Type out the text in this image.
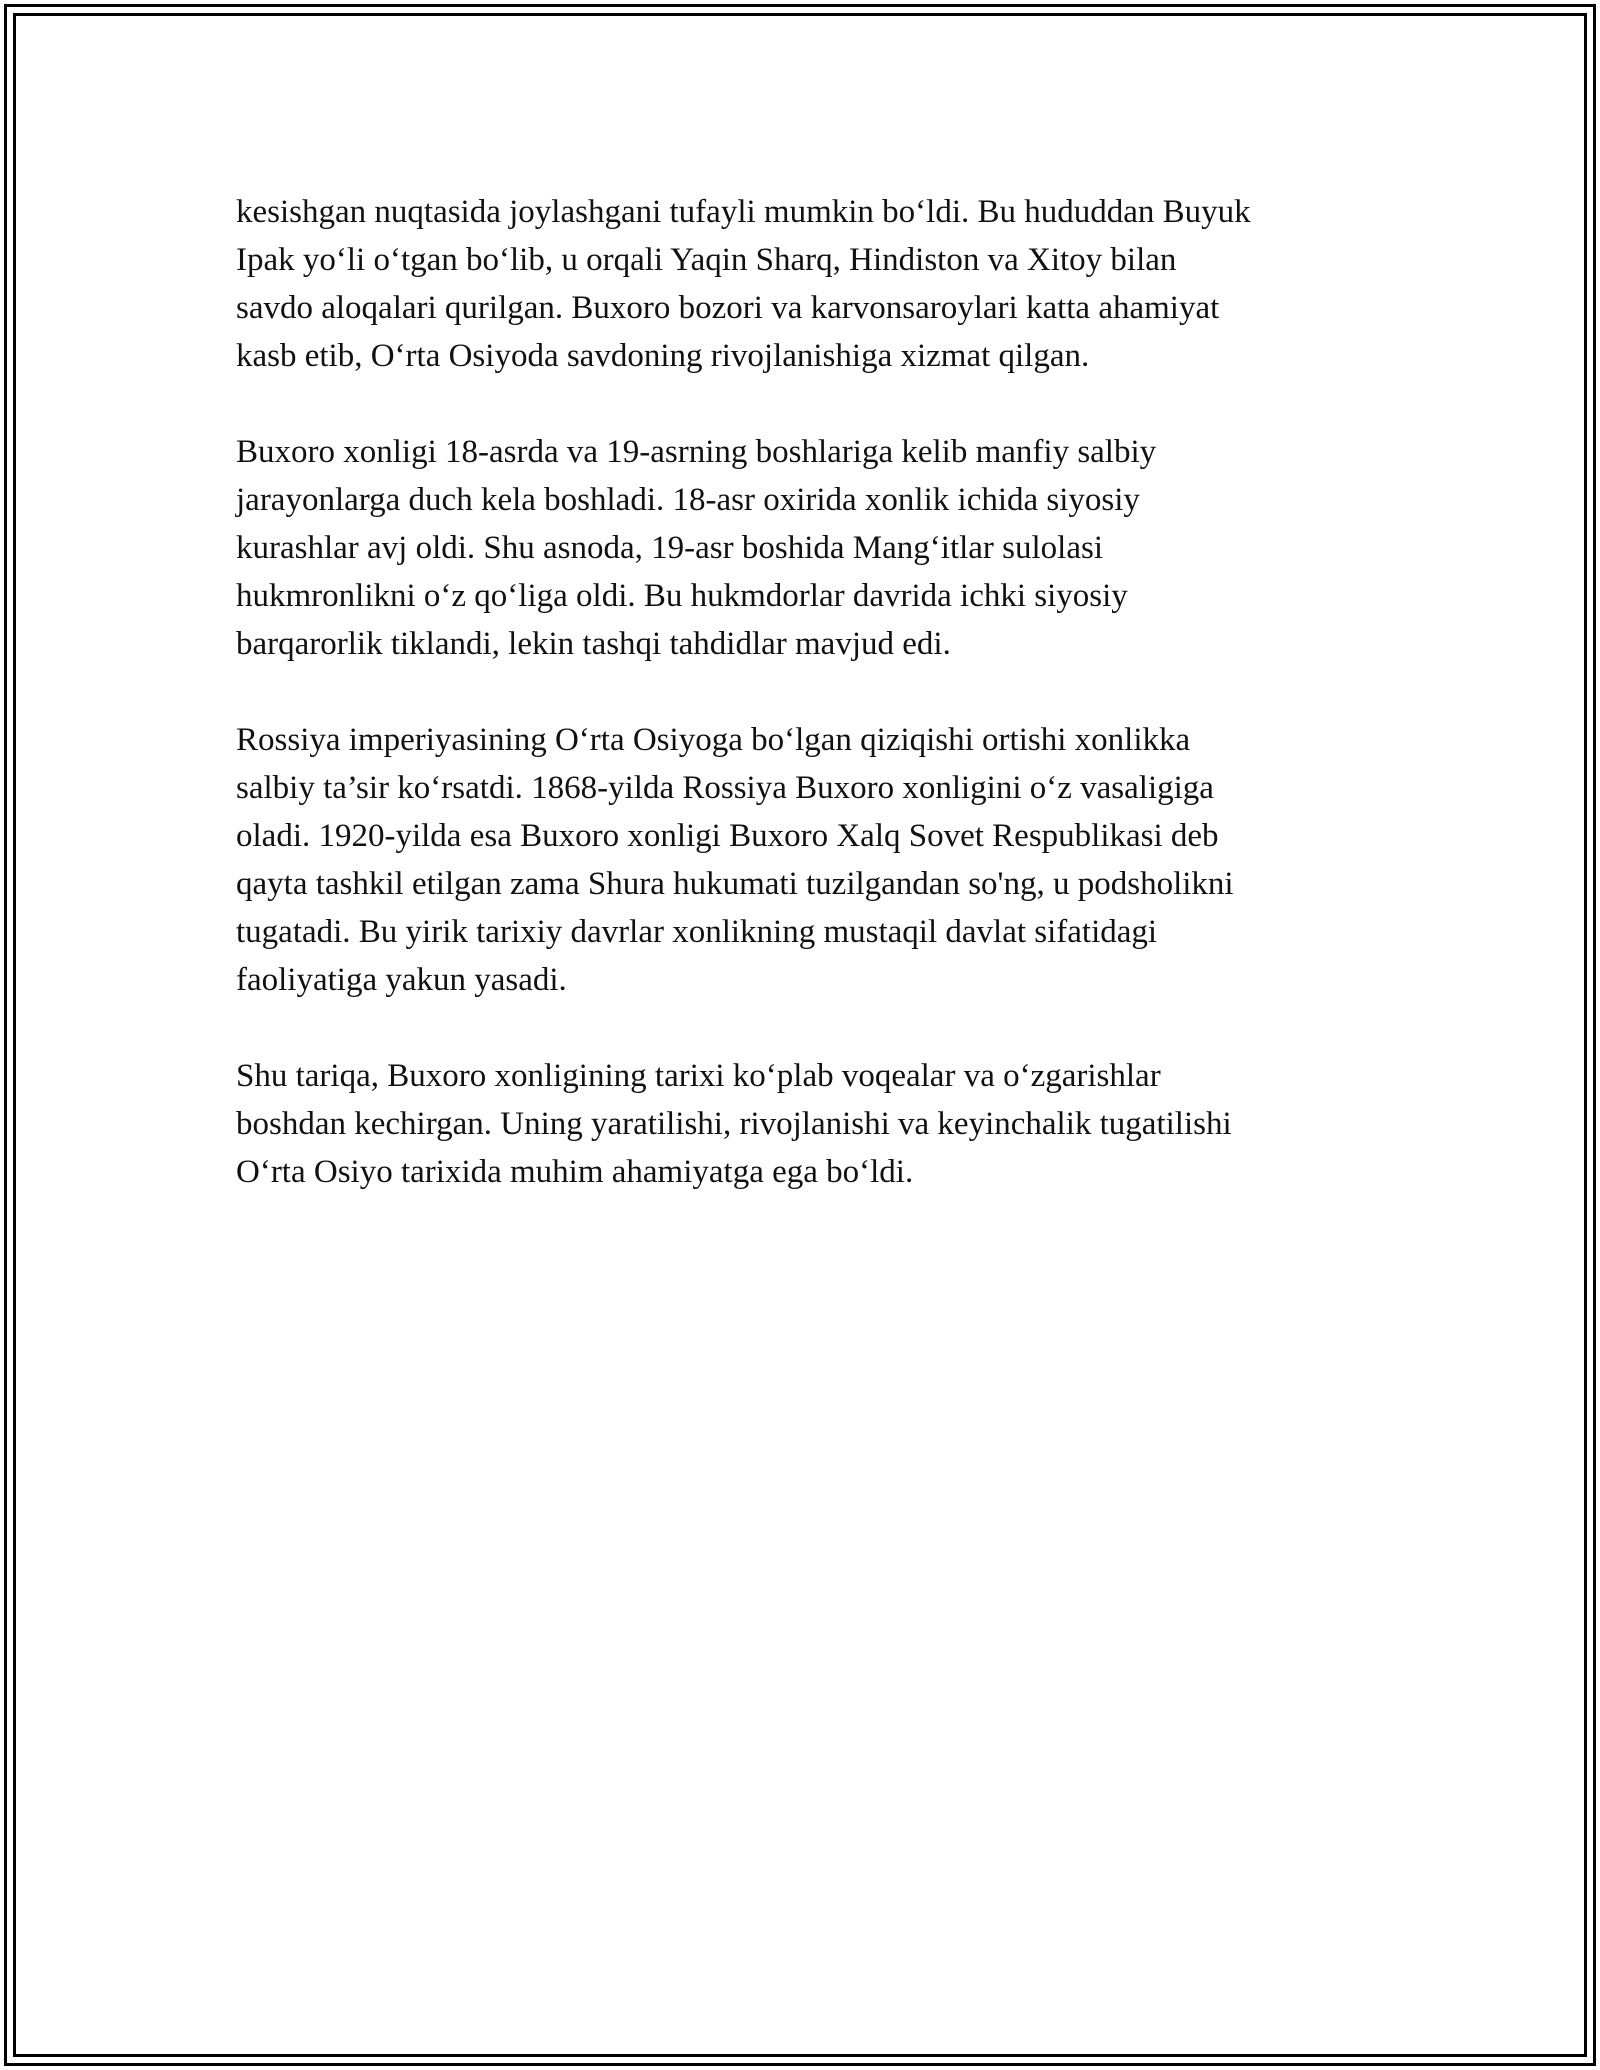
kesishgan nuqtasida joylashgani tufayli mumkin bo‘ldi. Bu hududdan Buyuk
Ipak yo‘li o‘tgan bo‘lib, u orqali Yaqin Sharq, Hindiston va Xitoy bilan
savdo aloqalari qurilgan. Buxoro bozori va karvonsaroylari katta ahamiyat
kasb etib, O‘rta Osiyoda savdoning rivojlanishiga xizmat qilgan.

Buxoro xonligi 18-asrda va 19-asrning boshlariga kelib manfiy salbiy
jarayonlarga duch kela boshladi. 18-asr oxirida xonlik ichida siyosiy
kurashlar avj oldi. Shu asnoda, 19-asr boshida Mang‘itlar sulolasi
hukmronlikni o‘z qo‘liga oldi. Bu hukmdorlar davrida ichki siyosiy
barqarorlik tiklandi, lekin tashqi tahdidlar mavjud edi.

Rossiya imperiyasining O‘rta Osiyoga bo‘lgan qiziqishi ortishi xonlikka
salbiy ta’sir ko‘rsatdi. 1868-yilda Rossiya Buxoro xonligini o‘z vasaligiga
oladi. 1920-yilda esa Buxoro xonligi Buxoro Xalq Sovet Respublikasi deb
qayta tashkil etilgan zama Shura hukumati tuzilgandan so'ng, u podsholikni
tugatadi. Bu yirik tarixiy davrlar xonlikning mustaqil davlat sifatidagi
faoliyatiga yakun yasadi.

Shu tariqa, Buxoro xonligining tarixi ko‘plab voqealar va o‘zgarishlar
boshdan kechirgan. Uning yaratilishi, rivojlanishi va keyinchalik tugatilishi
O‘rta Osiyo tarixida muhim ahamiyatga ega bo‘ldi.
